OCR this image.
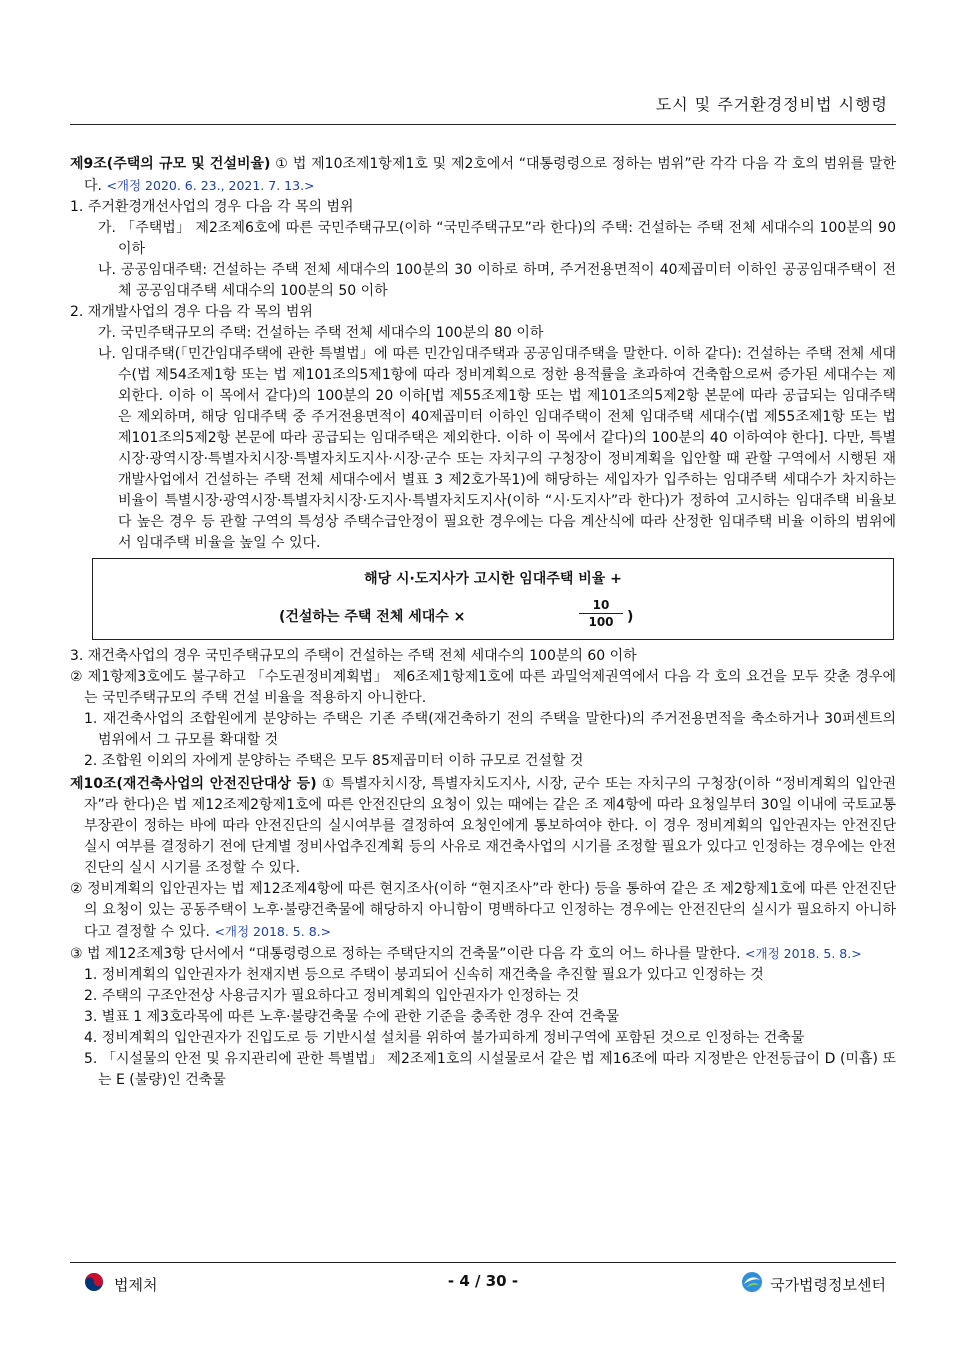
도시 및 주거환경정비법 시행령

제9조(주택의 규모 및 건설비율) ① 법 제10조제1항제1호 및 제2호에서 “대통령령으로 정하는 범위”란 각각 다음 각 호의 범위를 말한다. <개정 2020. 6. 23., 2021. 7. 13.>

1. 주거환경개선사업의 경우 다음 각 목의 범위

가. 「주택법」 제2조제6호에 따른 국민주택규모(이하 “국민주택규모”라 한다)의 주택: 건설하는 주택 전체 세대수의 100분의 90 이하

나. 공공임대주택: 건설하는 주택 전체 세대수의 100분의 30 이하로 하며, 주거전용면적이 40제곱미터 이하인 공공임대주택이 전체 공공임대주택 세대수의 100분의 50 이하

2. 재개발사업의 경우 다음 각 목의 범위

가. 국민주택규모의 주택: 건설하는 주택 전체 세대수의 100분의 80 이하

나. 임대주택(「민간임대주택에 관한 특별법」에 따른 민간임대주택과 공공임대주택을 말한다. 이하 같다): 건설하는 주택 전체 세대수(법 제54조제1항 또는 법 제101조의5제1항에 따라 정비계획으로 정한 용적률을 초과하여 건축함으로써 증가된 세대수는 제외한다. 이하 이 목에서 같다)의 100분의 20 이하[법 제55조제1항 또는 법 제101조의5제2항 본문에 따라 공급되는 임대주택은 제외하며, 해당 임대주택 중 주거전용면적이 40제곱미터 이하인 임대주택이 전체 임대주택 세대수(법 제55조제1항 또는 법 제101조의5제2항 본문에 따라 공급되는 임대주택은 제외한다. 이하 이 목에서 같다)의 100분의 40 이하여야 한다]. 다만, 특별시장·광역시장·특별자치시장·특별자치도지사·시장·군수 또는 자치구의 구청장이 정비계획을 입안할 때 관할 구역에서 시행된 재개발사업에서 건설하는 주택 전체 세대수에서 별표 3 제2호가목1)에 해당하는 세입자가 입주하는 임대주택 세대수가 차지하는 비율이 특별시장·광역시장·특별자치시장·도지사·특별자치도지사(이하 “시·도지사”라 한다)가 정하여 고시하는 임대주택 비율보다 높은 경우 등 관할 구역의 특성상 주택수급안정이 필요한 경우에는 다음 계산식에 따라 산정한 임대주택 비율 이하의 범위에서 임대주택 비율을 높일 수 있다.

해당 시·도지사가 고시한 임대주택 비율 +
(건설하는 주택 전체 세대수 ×	$\frac{10}{100}$ )

3. 재건축사업의 경우 국민주택규모의 주택이 건설하는 주택 전체 세대수의 100분의 60 이하

② 제1항제3호에도 불구하고 「수도권정비계획법」 제6조제1항제1호에 따른 과밀억제권역에서 다음 각 호의 요건을 모두 갖춘 경우에는 국민주택규모의 주택 건설 비율을 적용하지 아니한다.

1. 재건축사업의 조합원에게 분양하는 주택은 기존 주택(재건축하기 전의 주택을 말한다)의 주거전용면적을 축소하거나 30퍼센트의 범위에서 그 규모를 확대할 것

2. 조합원 이외의 자에게 분양하는 주택은 모두 85제곱미터 이하 규모로 건설할 것

제10조(재건축사업의 안전진단대상 등) ① 특별자치시장, 특별자치도지사, 시장, 군수 또는 자치구의 구청장(이하 “정비계획의 입안권자”라 한다)은 법 제12조제2항제1호에 따른 안전진단의 요청이 있는 때에는 같은 조 제4항에 따라 요청일부터 30일 이내에 국토교통부장관이 정하는 바에 따라 안전진단의 실시여부를 결정하여 요청인에게 통보하여야 한다. 이 경우 정비계획의 입안권자는 안전진단 실시 여부를 결정하기 전에 단계별 정비사업추진계획 등의 사유로 재건축사업의 시기를 조정할 필요가 있다고 인정하는 경우에는 안전진단의 실시 시기를 조정할 수 있다.

② 정비계획의 입안권자는 법 제12조제4항에 따른 현지조사(이하 “현지조사”라 한다) 등을 통하여 같은 조 제2항제1호에 따른 안전진단의 요청이 있는 공동주택이 노후·불량건축물에 해당하지 아니함이 명백하다고 인정하는 경우에는 안전진단의 실시가 필요하지 아니하다고 결정할 수 있다. <개정 2018. 5. 8.>

③ 법 제12조제3항 단서에서 “대통령령으로 정하는 주택단지의 건축물”이란 다음 각 호의 어느 하나를 말한다. <개정 2018. 5. 8.>

1. 정비계획의 입안권자가 천재지변 등으로 주택이 붕괴되어 신속히 재건축을 추진할 필요가 있다고 인정하는 것

2. 주택의 구조안전상 사용금지가 필요하다고 정비계획의 입안권자가 인정하는 것

3. 별표 1 제3호라목에 따른 노후·불량건축물 수에 관한 기준을 충족한 경우 잔여 건축물

4. 정비계획의 입안권자가 진입도로 등 기반시설 설치를 위하여 불가피하게 정비구역에 포함된 것으로 인정하는 건축물

5. 「시설물의 안전 및 유지관리에 관한 특별법」 제2조제1호의 시설물로서 같은 법 제16조에 따라 지정받은 안전등급이 D (미흡) 또는 E (불량)인 건축물

법제처	- 4 / 30 -	국가법령정보센터
